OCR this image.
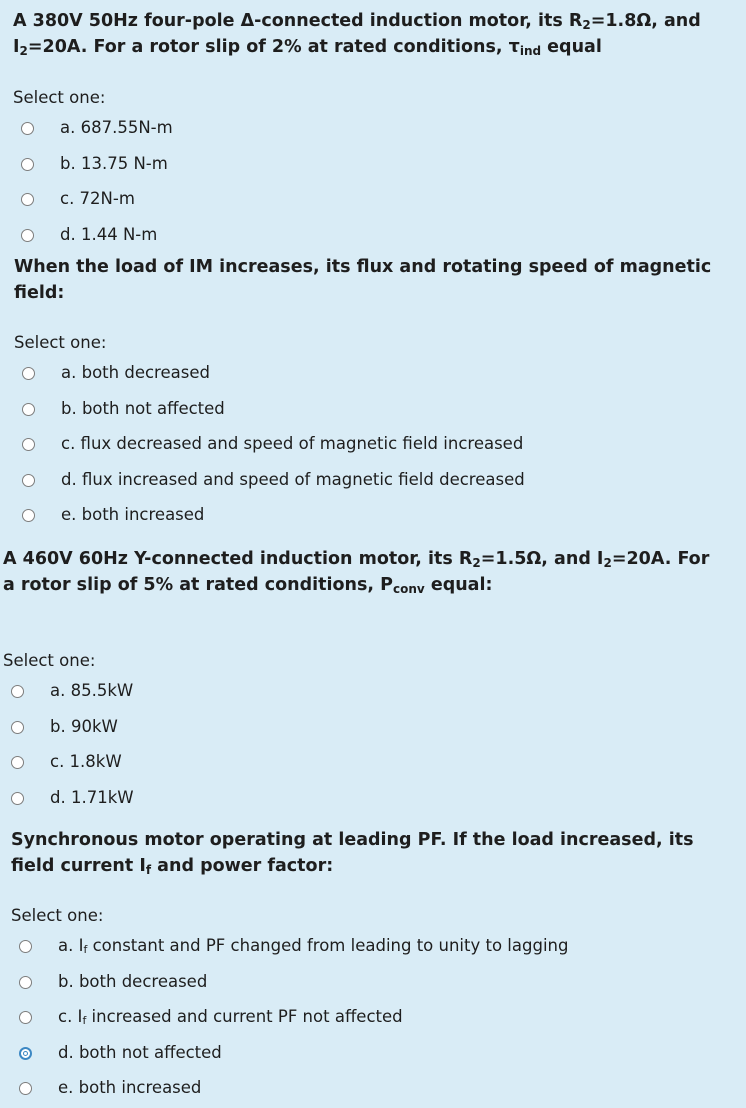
A 380V 50Hz four-pole Δ-connected induction motor, its $R_2=1.8\Omega$, and
$I_2=20A$. For a rotor slip of 2% at rated conditions, $\tau_{ind}$ equal

Select one:

a. 687.55N-m
b. 13.75 N-m
c. 72N-m
d. 1.44 N-m

When the load of IM increases, its flux and rotating speed of magnetic
field:

Select one:

a. both decreased
b. both not affected
c. flux decreased and speed of magnetic field increased
d. flux increased and speed of magnetic field decreased
e. both increased

A 460V 60Hz Y-connected induction motor, its $R_2=1.5\Omega$, and $I_2=20A$. For
a rotor slip of 5% at rated conditions, $P_{conv}$ equal:

Select one:

a. 85.5kW
b. 90kW
c. 1.8kW
d. 1.71kW

Synchronous motor operating at leading PF. If the load increased, its
field current $I_f$ and power factor:

Select one:

a. $I_f$ constant and PF changed from leading to unity to lagging
b. both decreased
c. $I_f$ increased and current PF not affected
d. both not affected
e. both increased
